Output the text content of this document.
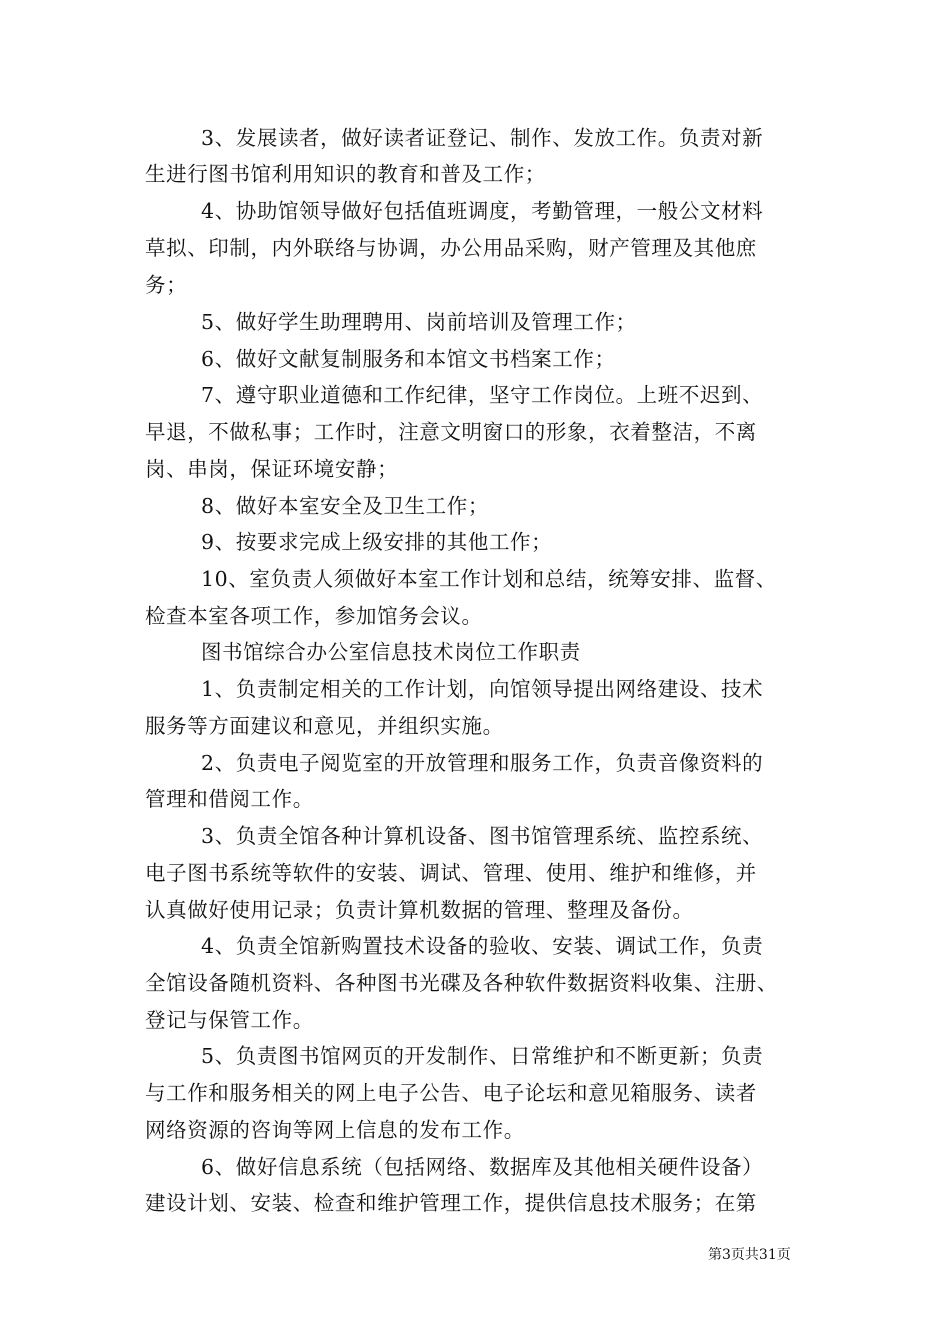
3、发展读者，做好读者证登记、制作、发放工作。负责对新
生进行图书馆利用知识的教育和普及工作；
4、协助馆领导做好包括值班调度，考勤管理，一般公文材料
草拟、印制，内外联络与协调，办公用品采购，财产管理及其他庶
务；
5、做好学生助理聘用、岗前培训及管理工作；
6、做好文献复制服务和本馆文书档案工作；
7、遵守职业道德和工作纪律，坚守工作岗位。上班不迟到、
早退，不做私事；工作时，注意文明窗口的形象，衣着整洁，不离
岗、串岗，保证环境安静；
8、做好本室安全及卫生工作；
9、按要求完成上级安排的其他工作；
10、室负责人须做好本室工作计划和总结，统筹安排、监督、
检查本室各项工作，参加馆务会议。
图书馆综合办公室信息技术岗位工作职责
1、负责制定相关的工作计划，向馆领导提出网络建设、技术
服务等方面建议和意见，并组织实施。
2、负责电子阅览室的开放管理和服务工作，负责音像资料的
管理和借阅工作。
3、负责全馆各种计算机设备、图书馆管理系统、监控系统、
电子图书系统等软件的安装、调试、管理、使用、维护和维修，并
认真做好使用记录；负责计算机数据的管理、整理及备份。
4、负责全馆新购置技术设备的验收、安装、调试工作，负责
全馆设备随机资料、各种图书光碟及各种软件数据资料收集、注册、
登记与保管工作。
5、负责图书馆网页的开发制作、日常维护和不断更新；负责
与工作和服务相关的网上电子公告、电子论坛和意见箱服务、读者
网络资源的咨询等网上信息的发布工作。
6、做好信息系统（包括网络、数据库及其他相关硬件设备）
建设计划、安装、检查和维护管理工作，提供信息技术服务；在第
第3页共31页
